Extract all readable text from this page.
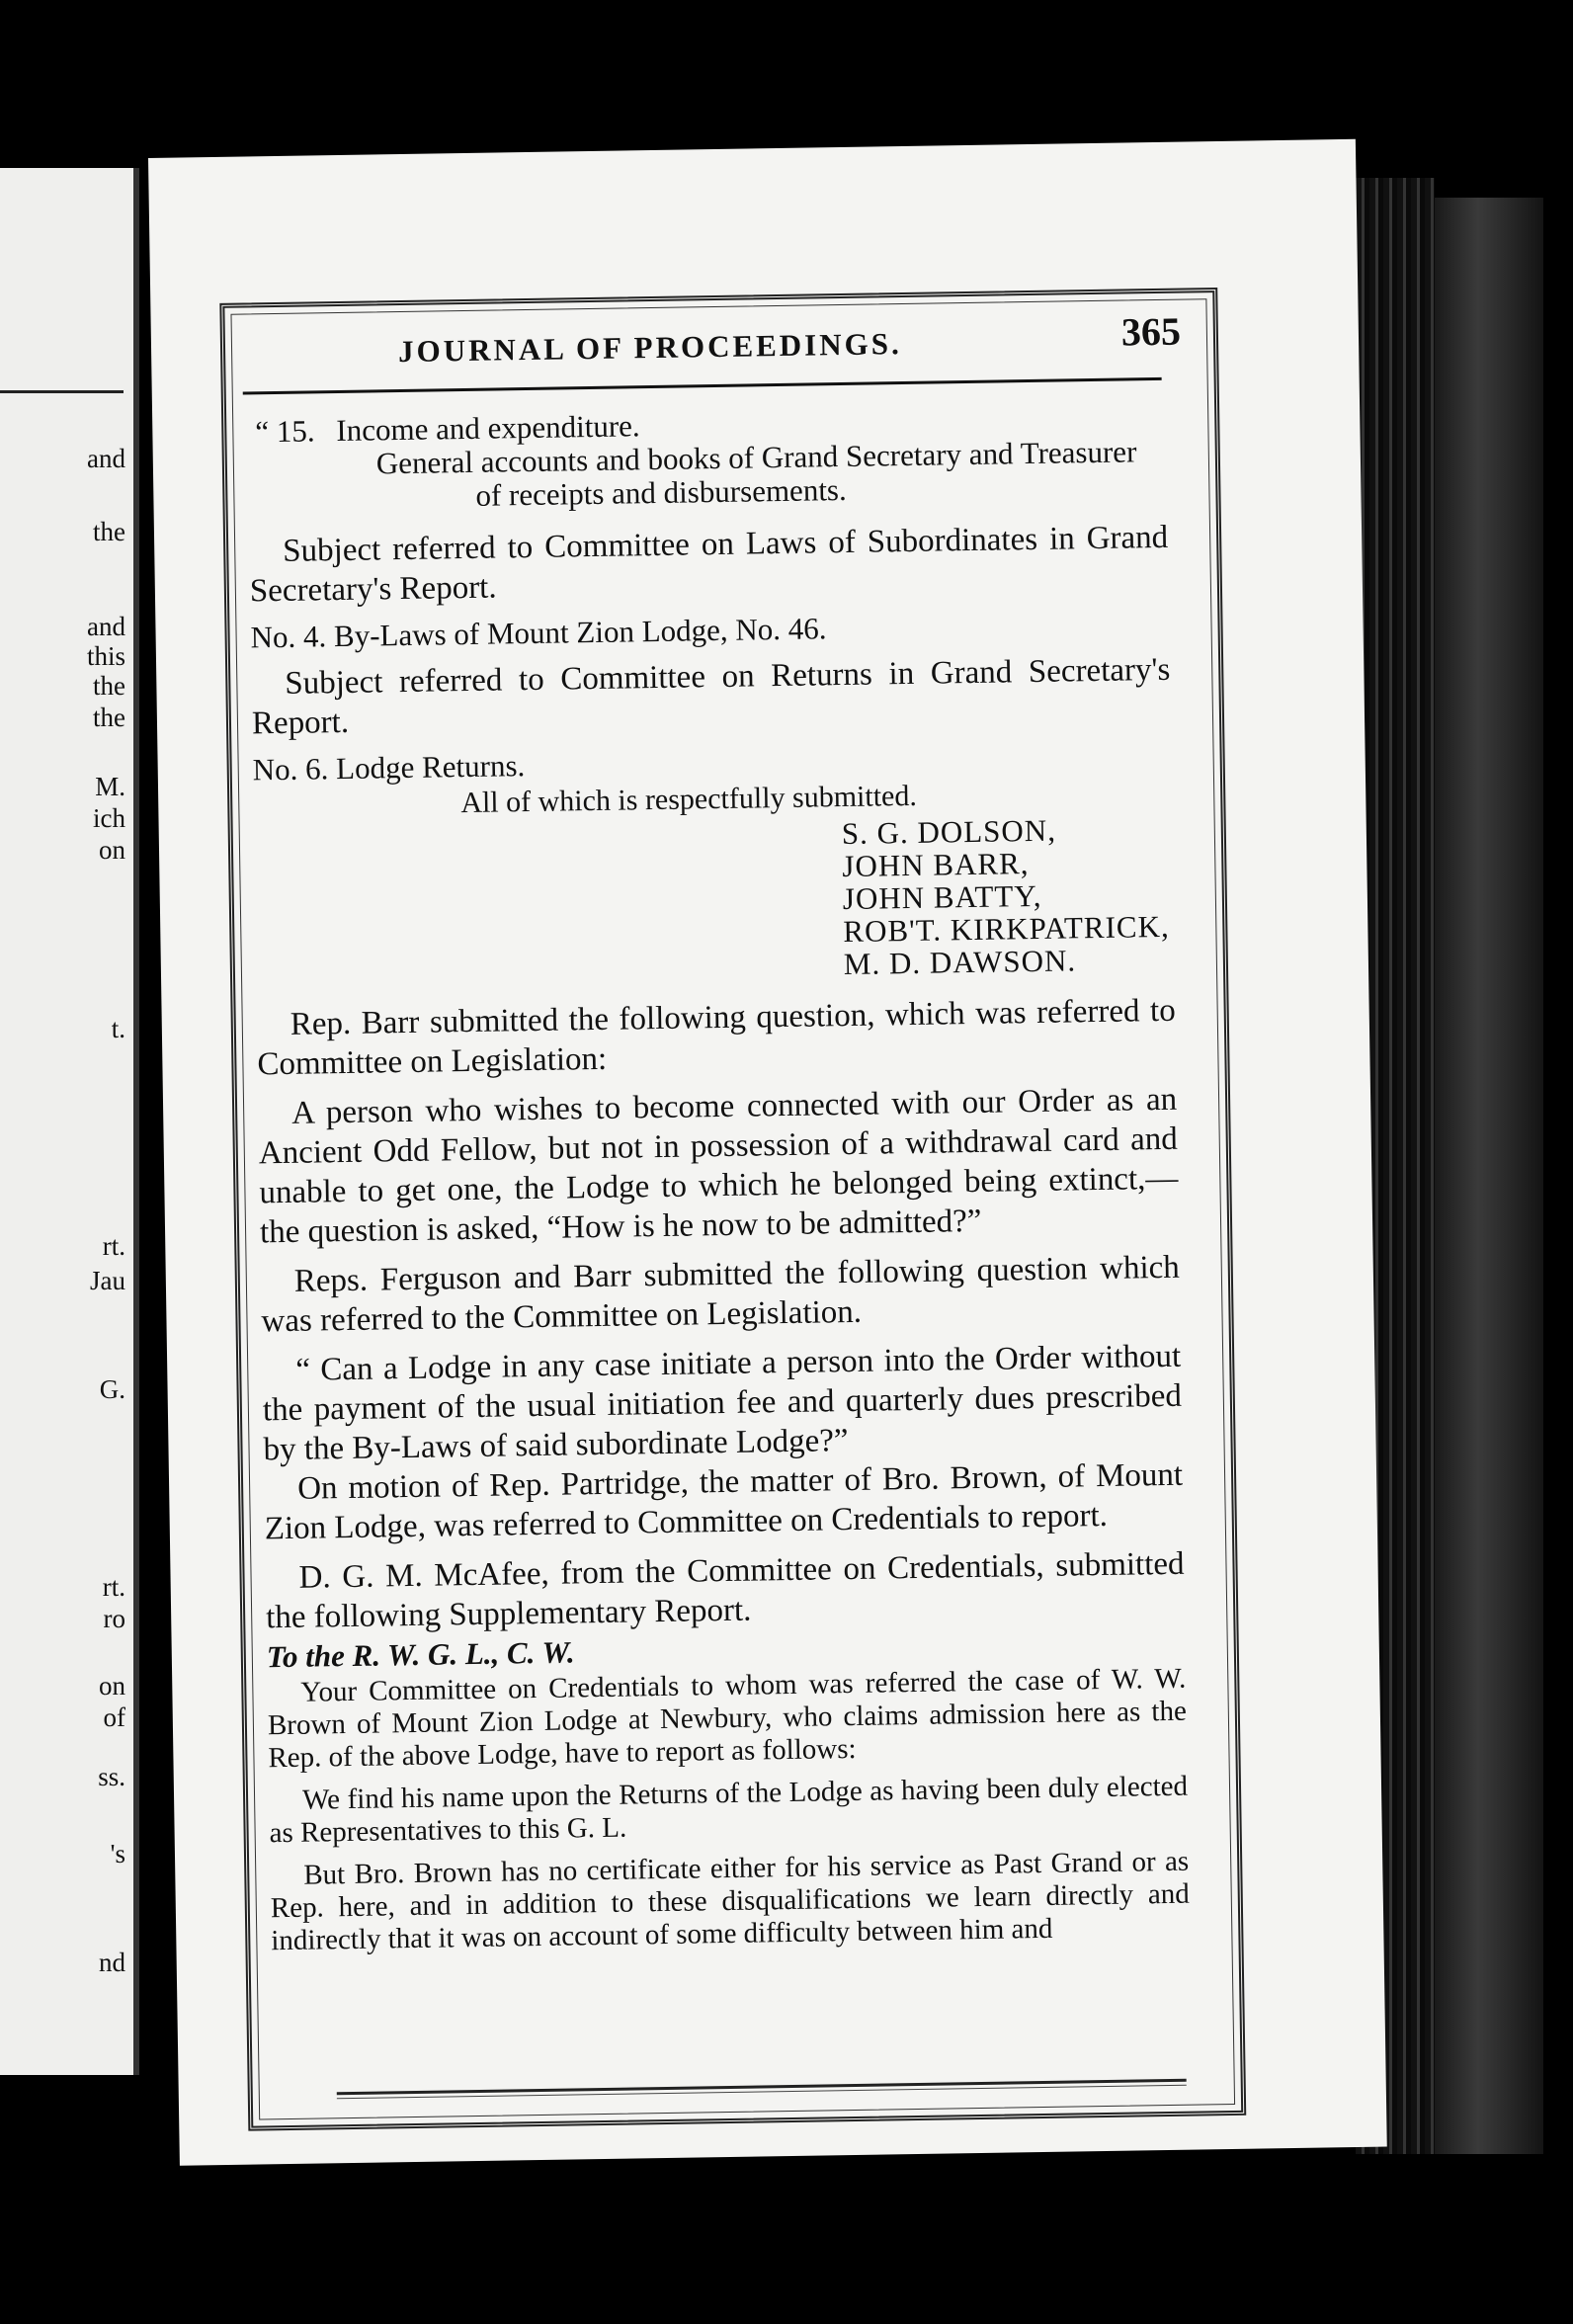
and
the
and
this
the
the
M.
ich
on
t.
rt.
Jau
G.
rt.
ro
on
of
ss.
's
nd
JOURNAL OF PROCEEDINGS.	365
“ 15. Income and expenditure.
General accounts and books of Grand Secretary and Treasurer
of receipts and disbursements.

Subject referred to Committee on Laws of Subordinates in Grand Secretary's Report.

No. 4. By-Laws of Mount Zion Lodge, No. 46.

Subject referred to Committee on Returns in Grand Secretary's Report.

No. 6. Lodge Returns.

All of which is respectfully submitted.

S. G. DOLSON,
JOHN BARR,
JOHN BATTY,
ROB'T. KIRKPATRICK,
M. D. DAWSON.

Rep. Barr submitted the following question, which was referred to Committee on Legislation:

A person who wishes to become connected with our Order as an Ancient Odd Fellow, but not in possession of a withdrawal card and unable to get one, the Lodge to which he belonged being extinct,— the question is asked, “How is he now to be admitted?”

Reps. Ferguson and Barr submitted the following question which was referred to the Committee on Legislation.

“ Can a Lodge in any case initiate a person into the Order without the payment of the usual initiation fee and quarterly dues prescribed by the By-Laws of said subordinate Lodge?”

On motion of Rep. Partridge, the matter of Bro. Brown, of Mount Zion Lodge, was referred to Committee on Credentials to report.

D. G. M. McAfee, from the Committee on Credentials, submitted the following Supplementary Report.

To the R. W. G. L., C. W.

Your Committee on Credentials to whom was referred the case of W. W. Brown of Mount Zion Lodge at Newbury, who claims admission here as the Rep. of the above Lodge, have to report as follows:

We find his name upon the Returns of the Lodge as having been duly elected as Representatives to this G. L.

But Bro. Brown has no certificate either for his service as Past Grand or as Rep. here, and in addition to these disqualifications we learn directly and indirectly that it was on account of some difficulty between him and
